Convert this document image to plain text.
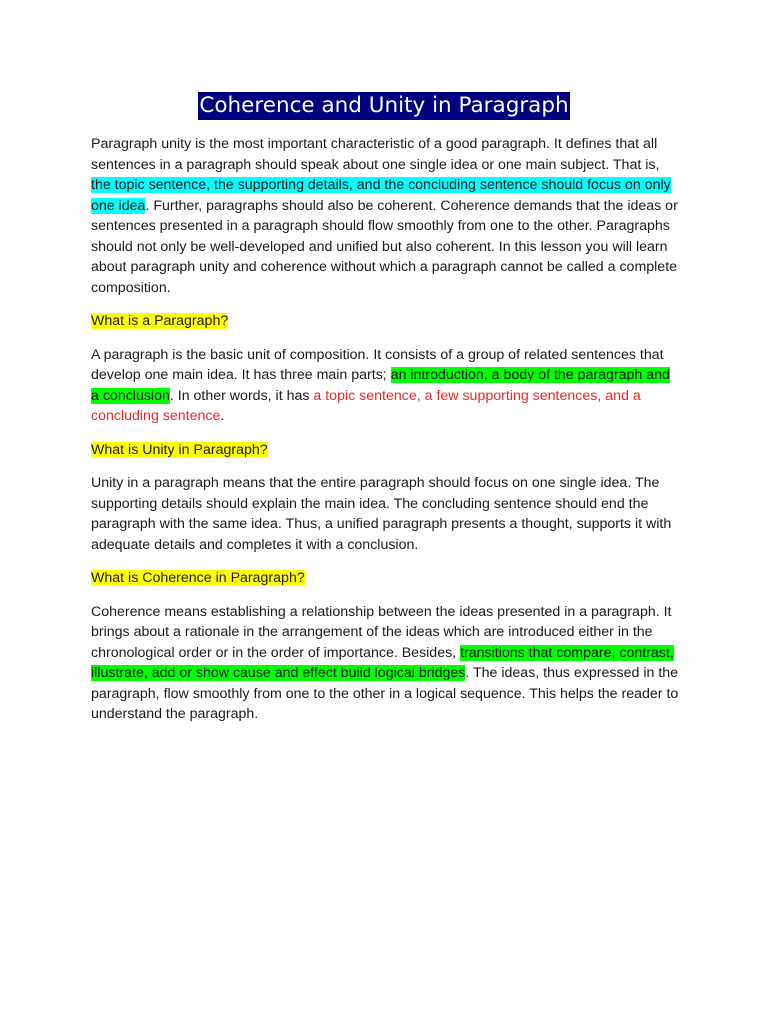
Coherence and Unity in Paragraph

Paragraph unity is the most important characteristic of a good paragraph. It defines that all sentences in a paragraph should speak about one single idea or one main subject. That is, the topic sentence, the supporting details, and the concluding sentence should focus on only one idea. Further, paragraphs should also be coherent. Coherence demands that the ideas or sentences presented in a paragraph should flow smoothly from one to the other. Paragraphs should not only be well-developed and unified but also coherent. In this lesson you will learn about paragraph unity and coherence without which a paragraph cannot be called a complete composition.

What is a Paragraph?

A paragraph is the basic unit of composition. It consists of a group of related sentences that develop one main idea. It has three main parts; an introduction, a body of the paragraph and a conclusion. In other words, it has a topic sentence, a few supporting sentences, and a concluding sentence.

What is Unity in Paragraph?

Unity in a paragraph means that the entire paragraph should focus on one single idea. The supporting details should explain the main idea. The concluding sentence should end the paragraph with the same idea. Thus, a unified paragraph presents a thought, supports it with adequate details and completes it with a conclusion.

What is Coherence in Paragraph?

Coherence means establishing a relationship between the ideas presented in a paragraph. It brings about a rationale in the arrangement of the ideas which are introduced either in the chronological order or in the order of importance. Besides, transitions that compare, contrast, illustrate, add or show cause and effect build logical bridges. The ideas, thus expressed in the paragraph, flow smoothly from one to the other in a logical sequence. This helps the reader to understand the paragraph.
